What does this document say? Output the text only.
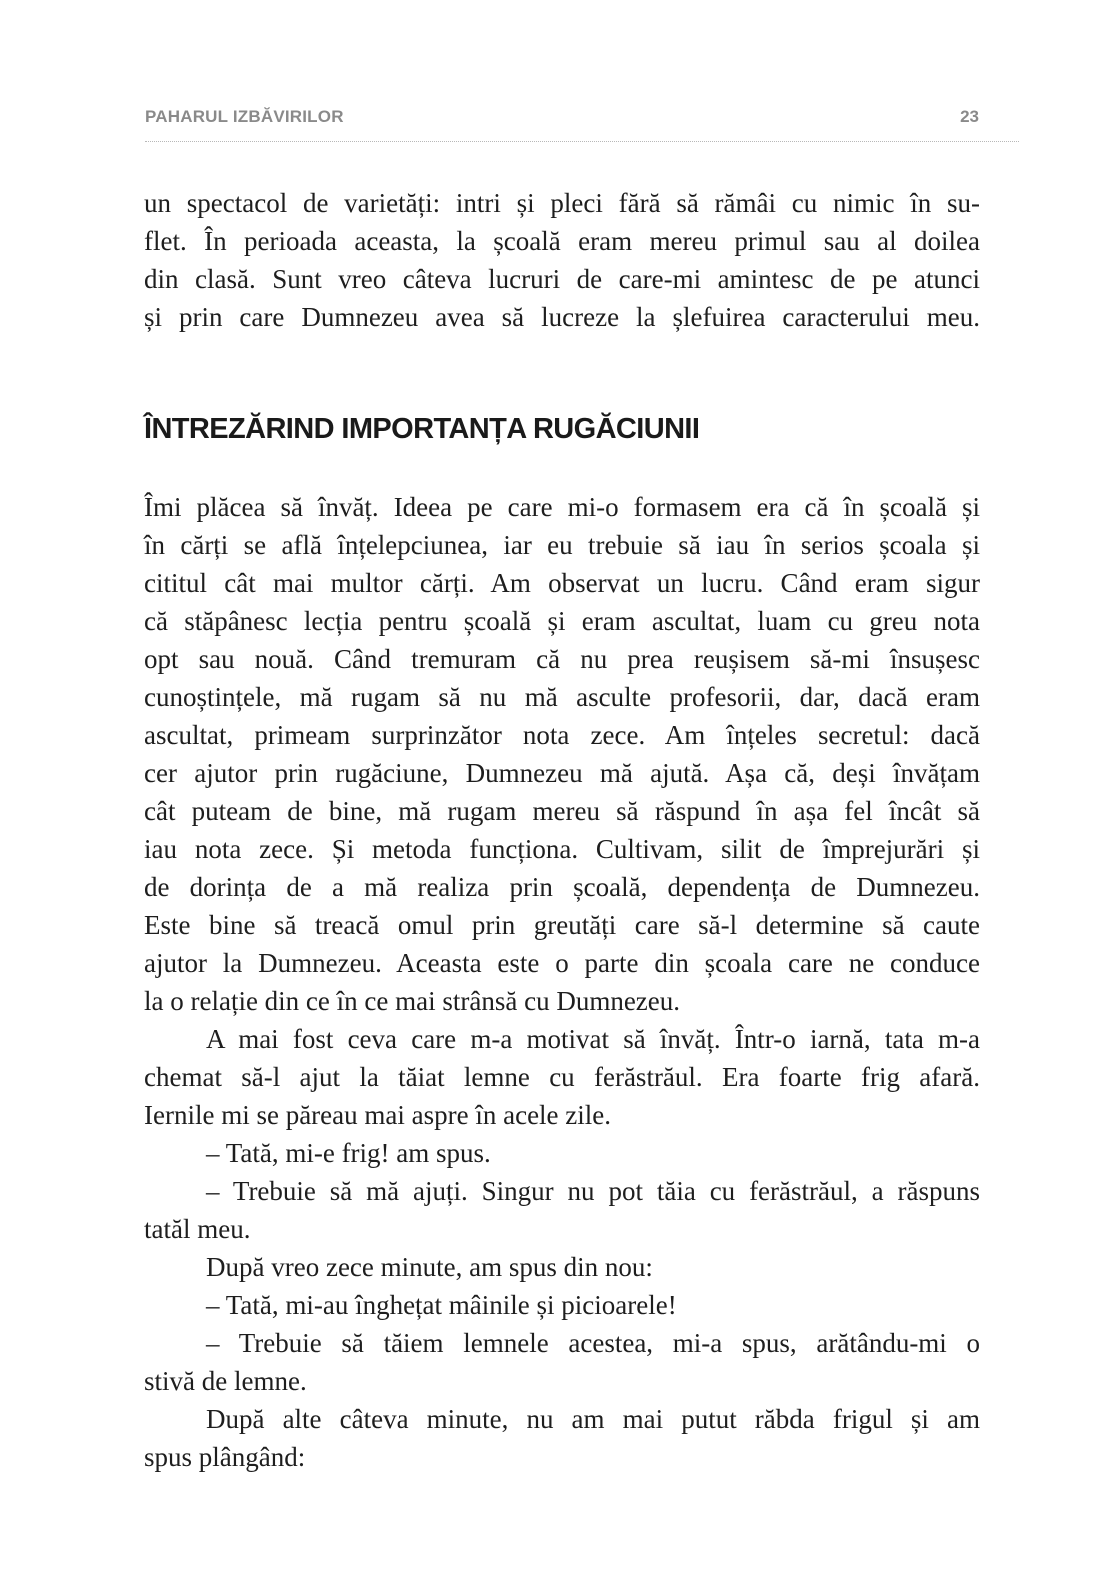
PAHARUL IZBĂVIRILOR	23
un spectacol de varietăți: intri și pleci fără să rămâi cu nimic în su-
flet. În perioada aceasta, la școală eram mereu primul sau al doilea
din clasă. Sunt vreo câteva lucruri de care-mi amintesc de pe atunci
și prin care Dumnezeu avea să lucreze la șlefuirea caracterului meu.
ÎNTREZĂRIND IMPORTANȚA RUGĂCIUNII
Îmi plăcea să învăț. Ideea pe care mi-o formasem era că în școală și
în cărți se află înțelepciunea, iar eu trebuie să iau în serios școala și
cititul cât mai multor cărți. Am observat un lucru. Când eram sigur
că stăpânesc lecția pentru școală și eram ascultat, luam cu greu nota
opt sau nouă. Când tremuram că nu prea reușisem să-mi însușesc
cunoștințele, mă rugam să nu mă asculte profesorii, dar, dacă eram
ascultat, primeam surprinzător nota zece. Am înțeles secretul: dacă
cer ajutor prin rugăciune, Dumnezeu mă ajută. Așa că, deși învățam
cât puteam de bine, mă rugam mereu să răspund în așa fel încât să
iau nota zece. Și metoda funcționa. Cultivam, silit de împrejurări și
de dorința de a mă realiza prin școală, dependența de Dumnezeu.
Este bine să treacă omul prin greutăți care să-l determine să caute
ajutor la Dumnezeu. Aceasta este o parte din școala care ne conduce
la o relație din ce în ce mai strânsă cu Dumnezeu.
A mai fost ceva care m-a motivat să învăț. Într-o iarnă, tata m-a
chemat să-l ajut la tăiat lemne cu ferăstrăul. Era foarte frig afară.
Iernile mi se păreau mai aspre în acele zile.
– Tată, mi-e frig! am spus.
– Trebuie să mă ajuți. Singur nu pot tăia cu ferăstrăul, a răspuns
tatăl meu.
După vreo zece minute, am spus din nou:
– Tată, mi-au înghețat mâinile și picioarele!
– Trebuie să tăiem lemnele acestea, mi-a spus, arătându-mi o
stivă de lemne.
După alte câteva minute, nu am mai putut răbda frigul și am
spus plângând:
